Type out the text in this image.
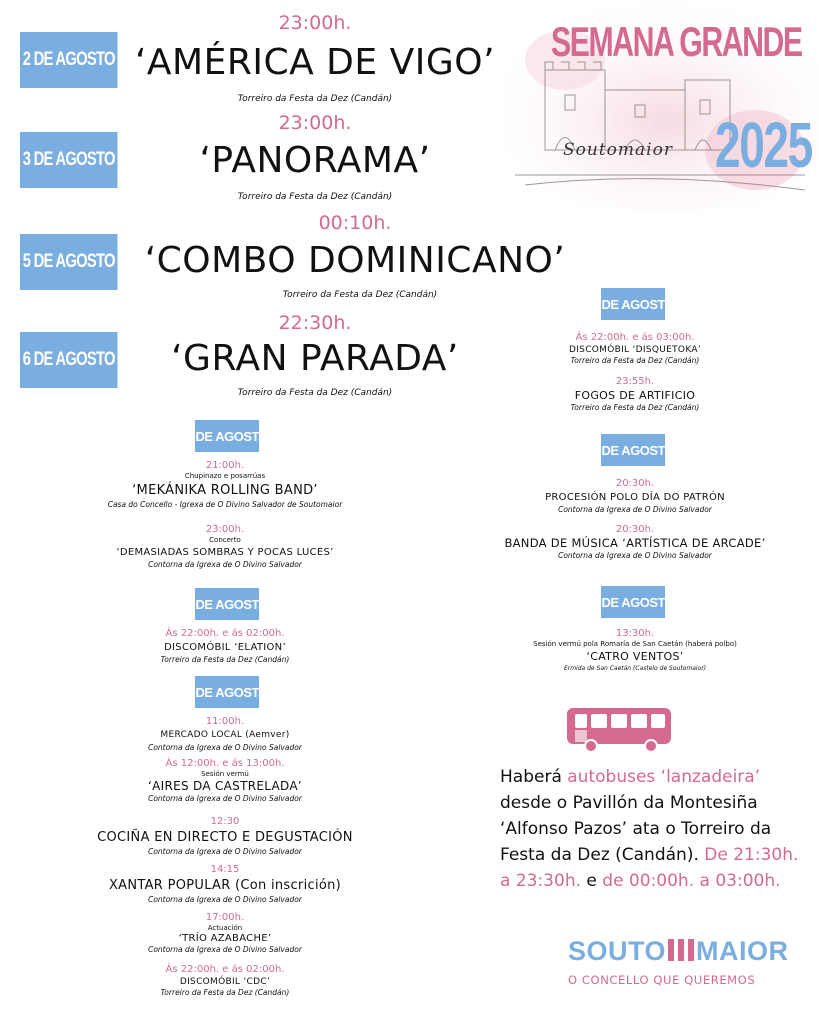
23:00h.
2 DE AGOSTO ‘AMÉRICA DE VIGO’
Torreiro da Festa da Dez (Candán)
23:00h.
3 DE AGOSTO	‘PANORAMA’
Torreiro da Festa da Dez (Candán)
00:10h.
5 DE AGOSTO ‘COMBO DOMINICANO’
Torreiro da Festa da Dez (Candán)
22:30h.
6 DE AGOSTO	‘GRAN PARADA’
Torreiro da Festa da Dez (Candán)
SEMANA GRANDE
Soutomaior 2025
1 DE AGOSTO
21:00h.
Chupinazo e posarrúas
‘MEKÁNIKA ROLLING BAND’
Casa do Concello - Igrexa de O Divino Salvador de Soutomaior
23:00h.
Concerto
‘DEMASIADAS SOMBRAS Y POCAS LUCES’
Contorna da Igrexa de O Divino Salvador
2 DE AGOSTO
Ás 22:00h. e ás 02:00h.
DISCOMÓBIL ‘ELATION’
Torreiro da Festa da Dez (Candán)
3 DE AGOSTO
11:00h.
MERCADO LOCAL (Aemver)
Contorna da Igrexa de O Divino Salvador
Ás 12:00h. e ás 13:00h.
Sesión vermú
‘AIRES DA CASTRELADA’
Contorna da Igrexa de O Divino Salvador
12:30
COCIÑA EN DIRECTO E DEGUSTACIÓN
Contorna da Igrexa de O Divino Salvador
14:15
XANTAR POPULAR (Con inscrición)
Contorna da Igrexa de O Divino Salvador
17:00h.
Actuación
‘TRÍO AZABACHE’
Contorna da Igrexa de O Divino Salvador
Ás 22:00h. e ás 02:00h.
DISCOMÓBIL ‘CDC’
Torreiro da Festa da Dez (Candán)
5 DE AGOSTO
Ás 22:00h. e ás 03:00h.
DISCOMÓBIL ‘DISQUETOKA’
Torreiro da Festa da Dez (Candán)
23:55h.
FOGOS DE ARTIFICIO
Torreiro da Festa da Dez (Candán)
6 DE AGOSTO
20:30h.
PROCESIÓN POLO DÍA DO PATRÓN
Contorna da Igrexa de O Divino Salvador
20:30h.
BANDA DE MÚSICA ‘ARTÍSTICA DE ARCADE’
Contorna da Igrexa de O Divino Salvador
7 DE AGOSTO
13:30h.
Sesión vermú pola Romaría de San Caetán (haberá polbo)
‘CATRO VENTOS’
Ermida de San Caetán (Castelo de Soutomaior)
Haberá autobuses ‘lanzadeira’ desde o Pavillón da Montesiña ‘Alfonso Pazos’ ata o Torreiro da Festa da Dez (Candán). De 21:30h. a 23:30h. e de 00:00h. a 03:00h.
SOUTO MAIOR
O CONCELLO QUE QUEREMOS
